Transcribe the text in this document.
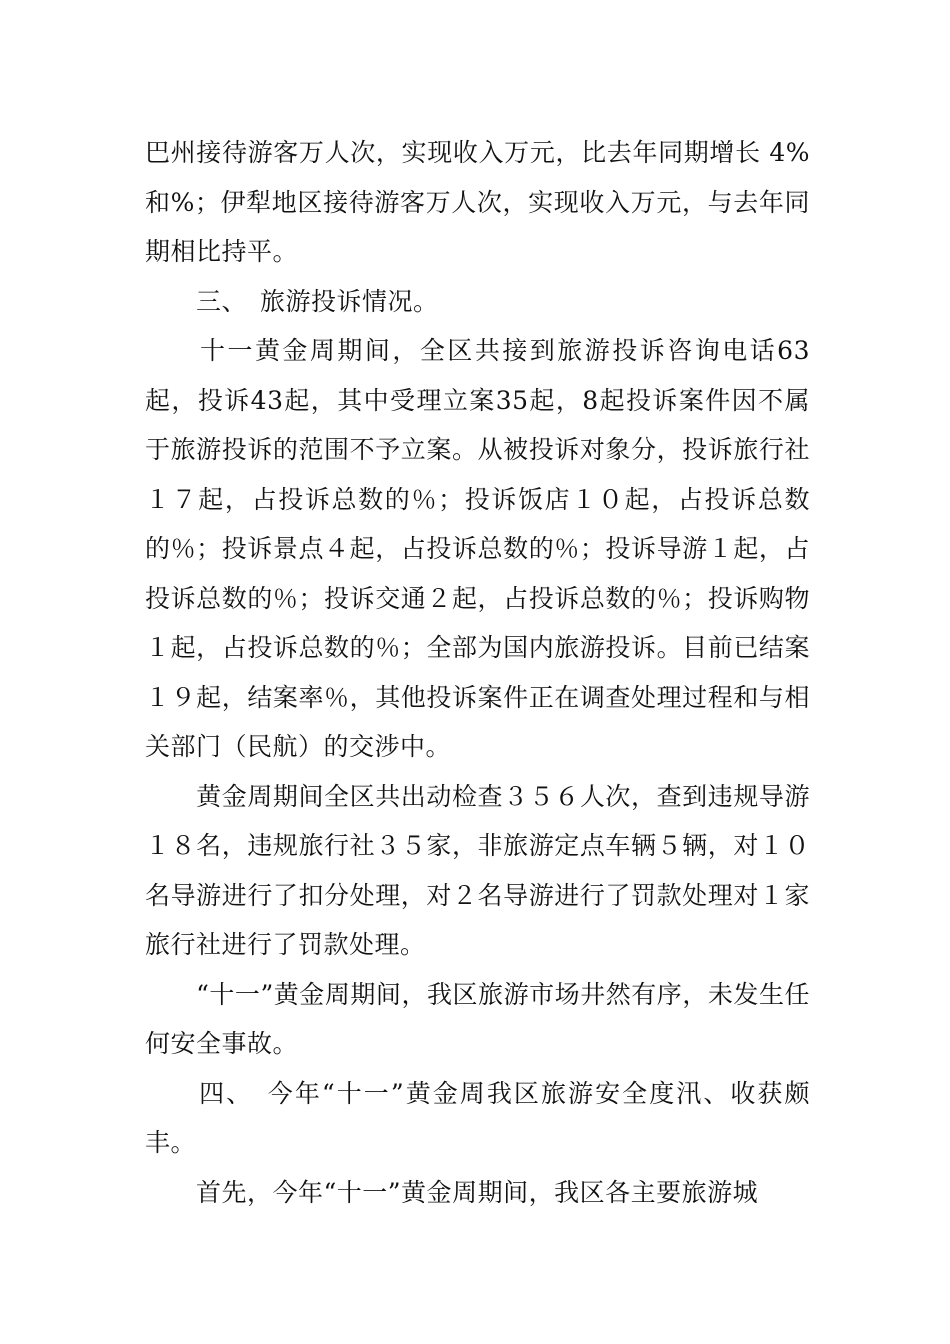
巴州接待游客万人次，实现收入万元，比去年同期增长 4%和%；伊犁地区接待游客万人次，实现收入万元，与去年同期相比持平。

　　三、　旅游投诉情况。

　　十一黄金周期间，全区共接到旅游投诉咨询电话63起，投诉43起，其中受理立案35起，8起投诉案件因不属于旅游投诉的范围不予立案。从被投诉对象分，投诉旅行社１７起，占投诉总数的％；投诉饭店１０起，占投诉总数的％；投诉景点４起，占投诉总数的％；投诉导游１起，占投诉总数的％；投诉交通２起，占投诉总数的％；投诉购物１起，占投诉总数的％；全部为国内旅游投诉。目前已结案１９起，结案率％，其他投诉案件正在调查处理过程和与相关部门（民航）的交涉中。

　　黄金周期间全区共出动检查３５６人次，查到违规导游１８名，违规旅行社３５家，非旅游定点车辆５辆，对１０名导游进行了扣分处理，对２名导游进行了罚款处理对１家旅行社进行了罚款处理。

　　“十一”黄金周期间，我区旅游市场井然有序，未发生任何安全事故。

　　四、　今年“十一”黄金周我区旅游安全度汛、收获颇丰。

　　首先，今年“十一”黄金周期间，我区各主要旅游城
